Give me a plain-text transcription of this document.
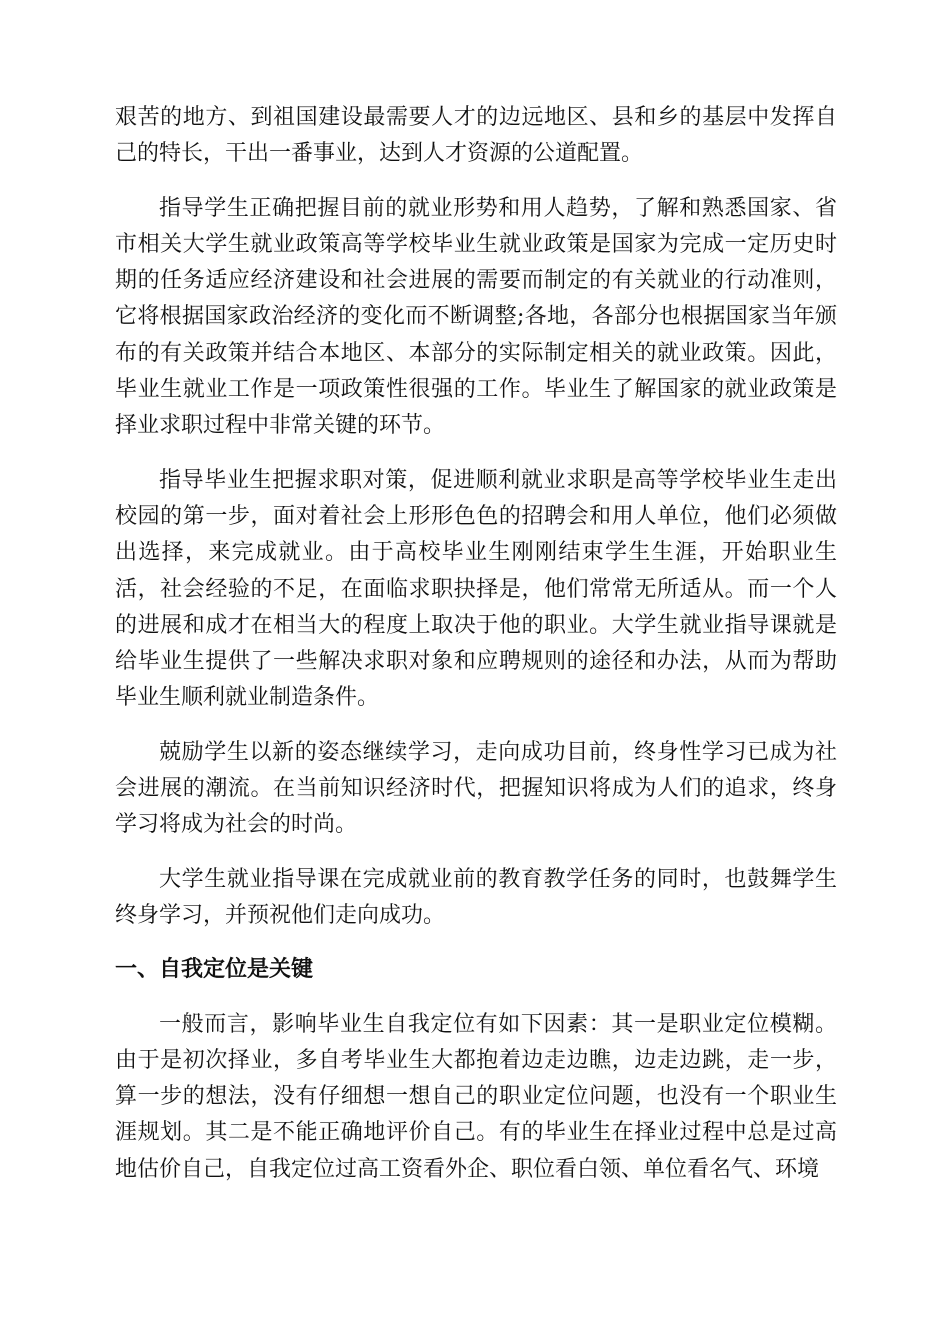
艰苦的地方、到祖国建设最需要人才的边远地区、县和乡的基层中发挥自己的特长，干出一番事业，达到人才资源的公道配置。

指导学生正确把握目前的就业形势和用人趋势，了解和熟悉国家、省市相关大学生就业政策高等学校毕业生就业政策是国家为完成一定历史时期的任务适应经济建设和社会进展的需要而制定的有关就业的行动准则，它将根据国家政治经济的变化而不断调整;各地，各部分也根据国家当年颁布的有关政策并结合本地区、本部分的实际制定相关的就业政策。因此，毕业生就业工作是一项政策性很强的工作。毕业生了解国家的就业政策是择业求职过程中非常关键的环节。

指导毕业生把握求职对策，促进顺利就业求职是高等学校毕业生走出校园的第一步，面对着社会上形形色色的招聘会和用人单位，他们必须做出选择，来完成就业。由于高校毕业生刚刚结束学生生涯，开始职业生活，社会经验的不足，在面临求职抉择是，他们常常无所适从。而一个人的进展和成才在相当大的程度上取决于他的职业。大学生就业指导课就是给毕业生提供了一些解决求职对象和应聘规则的途径和办法，从而为帮助毕业生顺利就业制造条件。

兢励学生以新的姿态继续学习，走向成功目前，终身性学习已成为社会进展的潮流。在当前知识经济时代，把握知识将成为人们的追求，终身学习将成为社会的时尚。

大学生就业指导课在完成就业前的教育教学任务的同时，也鼓舞学生终身学习，并预祝他们走向成功。

一、自我定位是关键

一般而言，影响毕业生自我定位有如下因素：其一是职业定位模糊。由于是初次择业，多自考毕业生大都抱着边走边瞧，边走边跳，走一步，算一步的想法，没有仔细想一想自己的职业定位问题，也没有一个职业生涯规划。其二是不能正确地评价自己。有的毕业生在择业过程中总是过高地估价自己，自我定位过高工资看外企、职位看白领、单位看名气、环境
